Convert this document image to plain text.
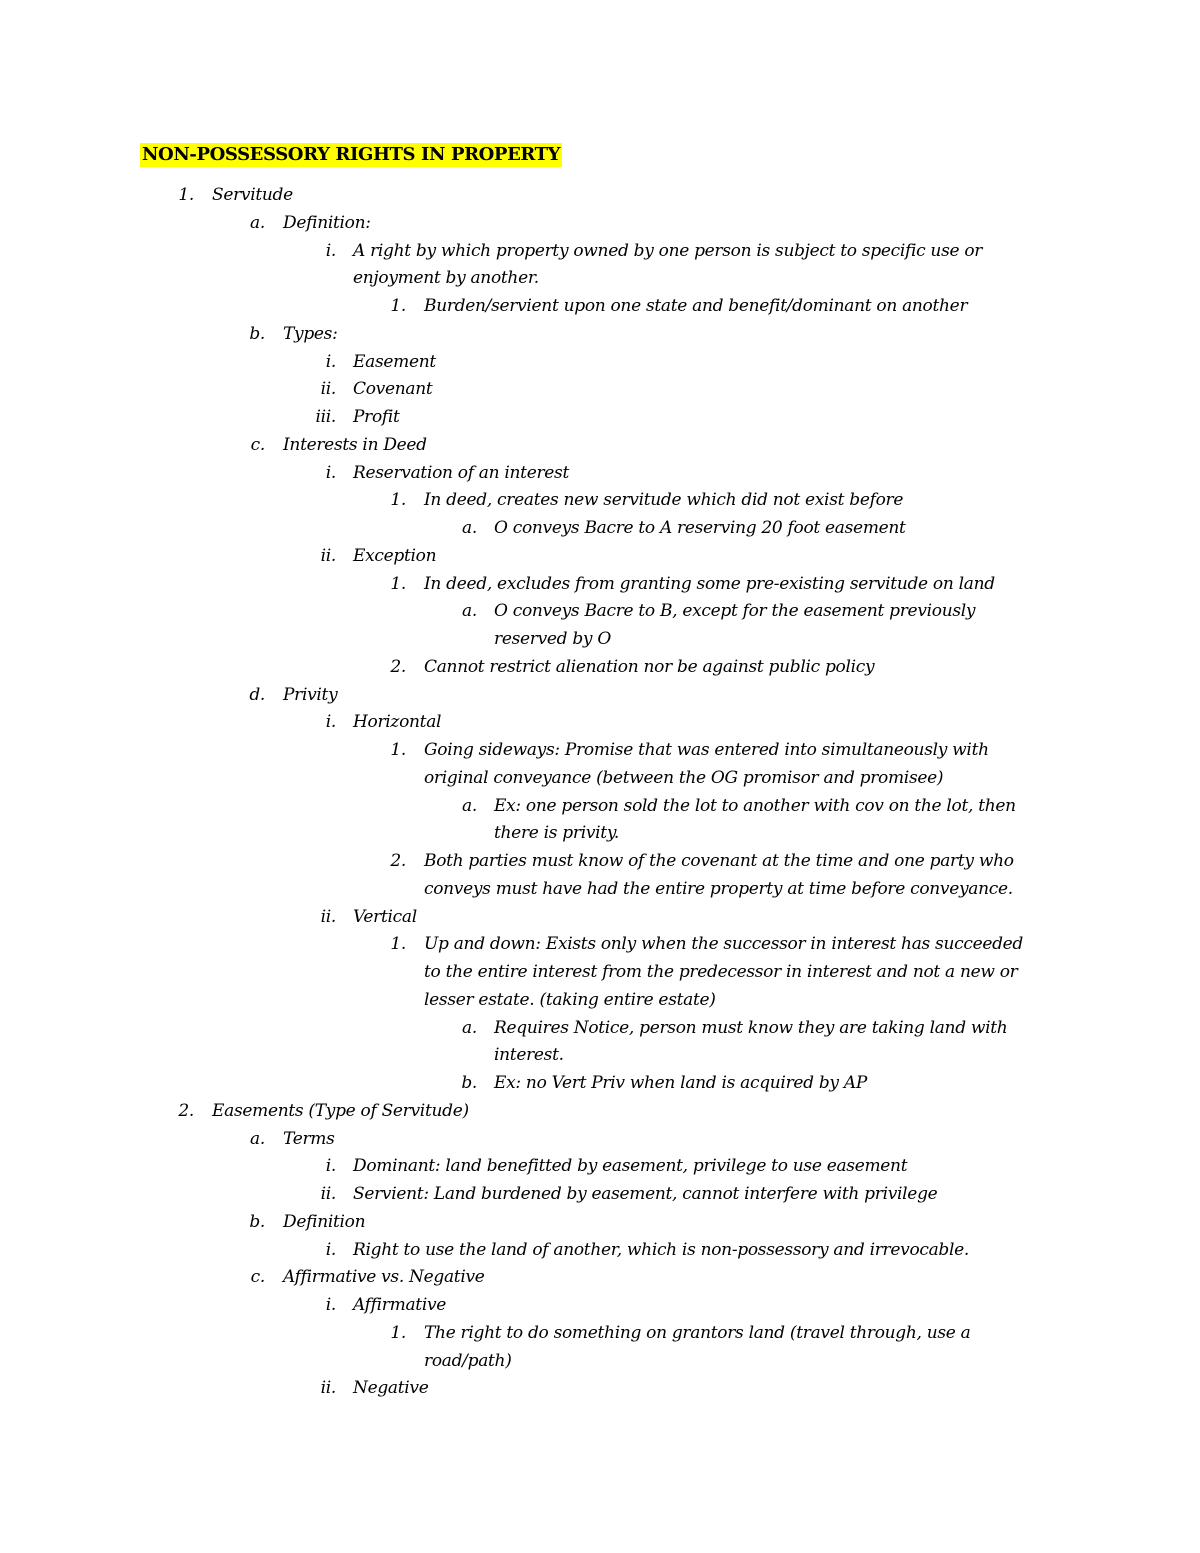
NON-POSSESSORY RIGHTS IN PROPERTY
1. Servitude
a. Definition:
i. A right by which property owned by one person is subject to specific use or
enjoyment by another.
1. Burden/servient upon one state and benefit/dominant on another
b. Types:
i. Easement
ii. Covenant
iii. Profit
c. Interests in Deed
i. Reservation of an interest
1. In deed, creates new servitude which did not exist before
a. O conveys Bacre to A reserving 20 foot easement
ii. Exception
1. In deed, excludes from granting some pre-existing servitude on land
a. O conveys Bacre to B, except for the easement previously
reserved by O
2. Cannot restrict alienation nor be against public policy
d. Privity
i. Horizontal
1. Going sideways: Promise that was entered into simultaneously with
original conveyance (between the OG promisor and promisee)
a. Ex: one person sold the lot to another with cov on the lot, then
there is privity.
2. Both parties must know of the covenant at the time and one party who
conveys must have had the entire property at time before conveyance.
ii. Vertical
1. Up and down: Exists only when the successor in interest has succeeded
to the entire interest from the predecessor in interest and not a new or
lesser estate. (taking entire estate)
a. Requires Notice, person must know they are taking land with
interest.
b. Ex: no Vert Priv when land is acquired by AP
2. Easements (Type of Servitude)
a. Terms
i. Dominant: land benefitted by easement, privilege to use easement
ii. Servient: Land burdened by easement, cannot interfere with privilege
b. Definition
i. Right to use the land of another, which is non-possessory and irrevocable.
c. Affirmative vs. Negative
i. Affirmative
1. The right to do something on grantors land (travel through, use a
road/path)
ii. Negative
